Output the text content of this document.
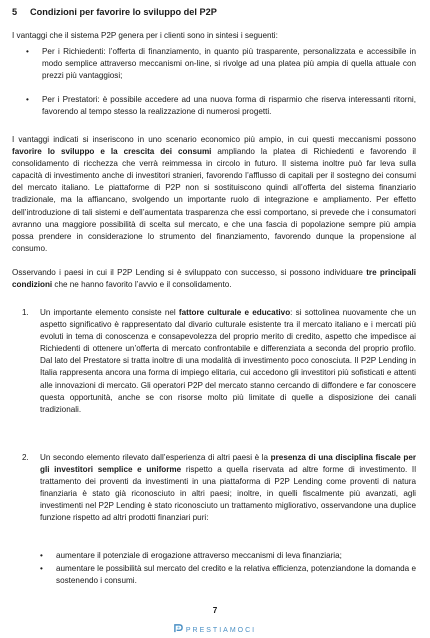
5 Condizioni per favorire lo sviluppo del P2P
I vantaggi che il sistema P2P genera per i clienti sono in sintesi i seguenti:
• Per i Richiedenti: l’offerta di finanziamento, in quanto più trasparente, personalizzata e accessibile in modo semplice attraverso meccanismi on-line, si rivolge ad una platea più ampia di quella attuale con prezzi più vantaggiosi;
• Per i Prestatori: è possibile accedere ad una nuova forma di risparmio che riserva interessanti ritorni, favorendo al tempo stesso la realizzazione di numerosi progetti.
I vantaggi indicati si inseriscono in uno scenario economico più ampio, in cui questi meccanismi possono favorire lo sviluppo e la crescita dei consumi ampliando la platea di Richiedenti e favorendo il consolidamento di ricchezza che verrà reimmessa in circolo in futuro. Il sistema inoltre può far leva sulla capacità di investimento anche di investitori stranieri, favorendo l’afflusso di capitali per il sostegno dei consumi del mercato italiano. Le piattaforme di P2P non si sostituiscono quindi all’offerta del sistema finanziario tradizionale, ma la affiancano, svolgendo un importante ruolo di integrazione e ampliamento. Per effetto dell’introduzione di tali sistemi e dell’aumentata trasparenza che essi comportano, si prevede che i consumatori avranno una maggiore possibilità di scelta sul mercato, e che una fascia di popolazione sempre più ampia possa prendere in considerazione lo strumento del finanziamento, favorendo dunque la propensione al consumo.
Osservando i paesi in cui il P2P Lending si è sviluppato con successo, si possono individuare tre principali condizioni che ne hanno favorito l’avvio e il consolidamento.
1. Un importante elemento consiste nel fattore culturale e educativo: si sottolinea nuovamente che un aspetto significativo è rappresentato dal divario culturale esistente tra il mercato italiano e i mercati più evoluti in tema di conoscenza e consapevolezza del proprio merito di credito, aspetto che impedisce ai Richiedenti di ottenere un’offerta di mercato confrontabile e differenziata a seconda del proprio profilo. Dal lato del Prestatore si tratta inoltre di una modalità di investimento poco conosciuta. Il P2P Lending in Italia rappresenta ancora una forma di impiego elitaria, cui accedono gli investitori più sofisticati e attenti alle innovazioni di mercato. Gli operatori P2P del mercato stanno cercando di diffondere e far conoscere questa opportunità, anche se con risorse molto più limitate di quelle a disposizione dei canali tradizionali.
2. Un secondo elemento rilevato dall’esperienza di altri paesi è la presenza di una disciplina fiscale per gli investitori semplice e uniforme rispetto a quella riservata ad altre forme di investimento. Il trattamento dei proventi da investimenti in una piattaforma di P2P Lending come proventi di natura finanziaria è stato già riconosciuto in altri paesi; inoltre, in quelli fiscalmente più avanzati, agli investimenti nel P2P Lending è stato riconosciuto un trattamento migliorativo, osservandone una duplice funzione rispetto ad altri prodotti finanziari puri:
• aumentare il potenziale di erogazione attraverso meccanismi di leva finanziaria;
• aumentare le possibilità sul mercato del credito e la relativa efficienza, potenziandone la domanda e sostenendo i consumi.
7
PRESTIAMOCI
